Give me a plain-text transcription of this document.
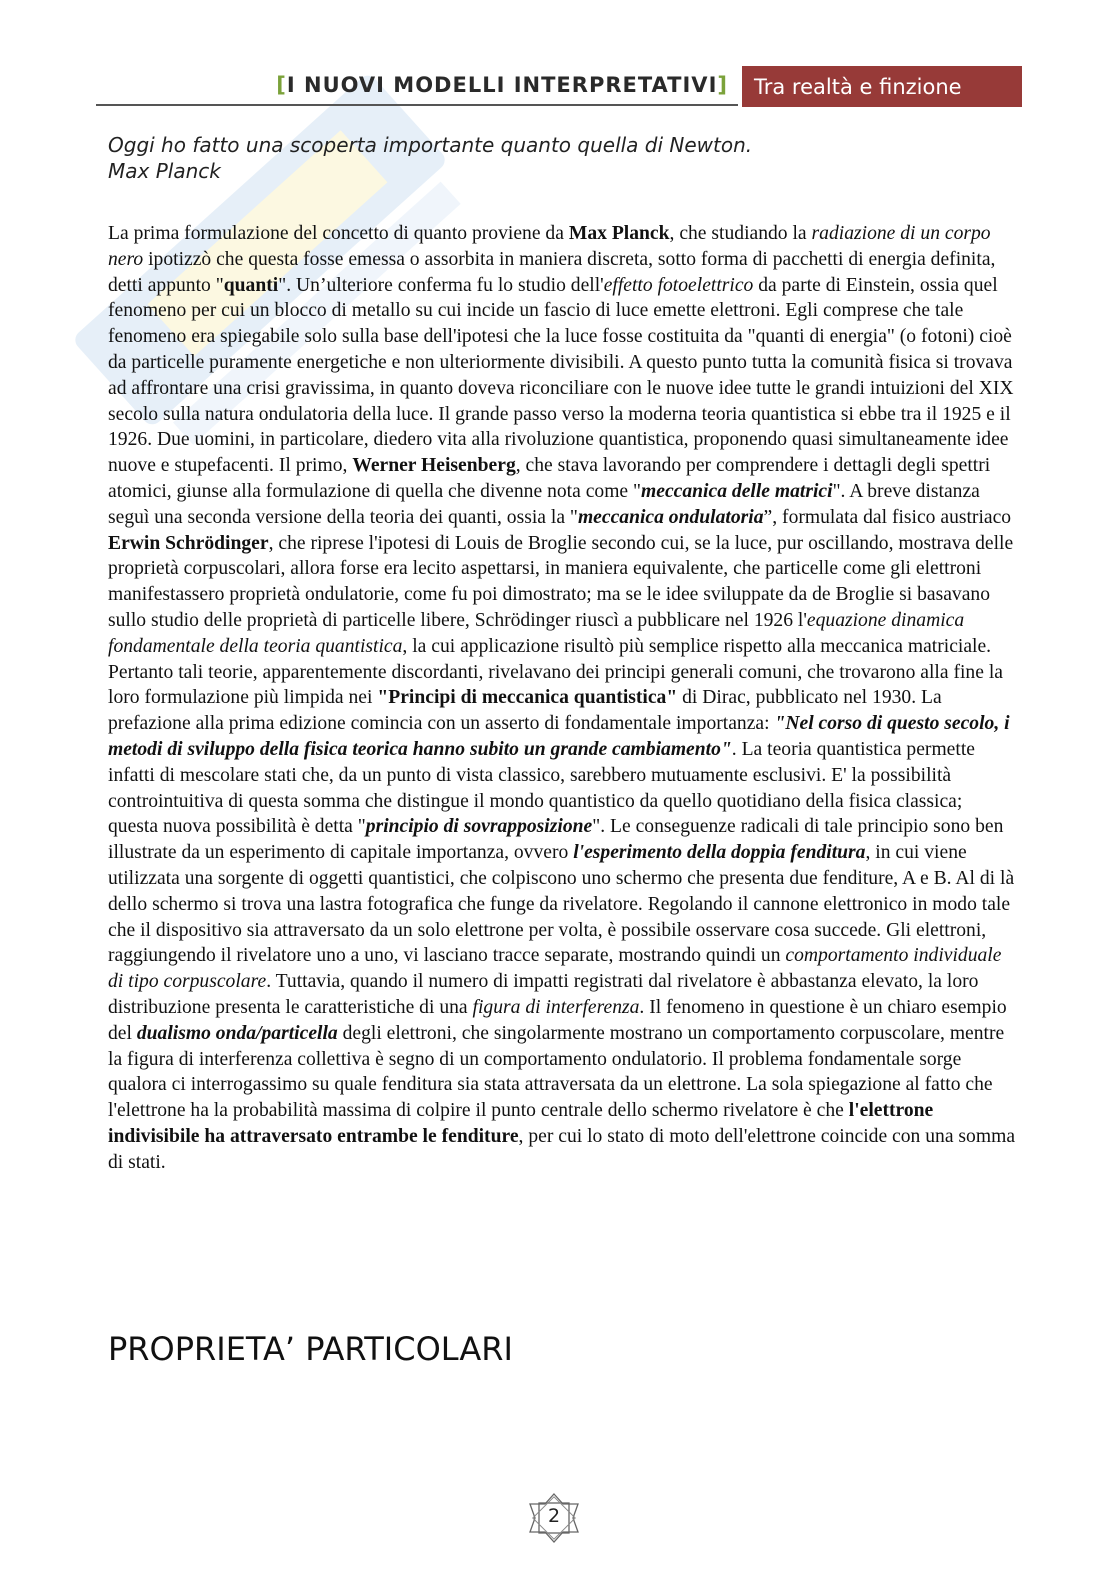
[ I NUOVI MODELLI INTERPRETATIVI ]	Tra realtà e finzione
Oggi ho fatto una scoperta importante quanto quella di Newton.
Max Planck

La prima formulazione del concetto di quanto proviene da Max Planck, che studiando la radiazione di un corpo nero ipotizzò che questa fosse emessa o assorbita in maniera discreta, sotto forma di pacchetti di energia definita, detti appunto "quanti". Un’ulteriore conferma fu lo studio dell'effetto fotoelettrico da parte di Einstein, ossia quel fenomeno per cui un blocco di metallo su cui incide un fascio di luce emette elettroni. Egli comprese che tale fenomeno era spiegabile solo sulla base dell'ipotesi che la luce fosse costituita da "quanti di energia" (o fotoni) cioè da particelle puramente energetiche e non ulteriormente divisibili. A questo punto tutta la comunità fisica si trovava ad affrontare una crisi gravissima, in quanto doveva riconciliare con le nuove idee tutte le grandi intuizioni del XIX secolo sulla natura ondulatoria della luce. Il grande passo verso la moderna teoria quantistica si ebbe tra il 1925 e il 1926. Due uomini, in particolare, diedero vita alla rivoluzione quantistica, proponendo quasi simultaneamente idee nuove e stupefacenti. Il primo, Werner Heisenberg, che stava lavorando per comprendere i dettagli degli spettri atomici, giunse alla formulazione di quella che divenne nota come "meccanica delle matrici". A breve distanza seguì una seconda versione della teoria dei quanti, ossia la "meccanica ondulatoria”, formulata dal fisico austriaco Erwin Schrödinger, che riprese l'ipotesi di Louis de Broglie secondo cui, se la luce, pur oscillando, mostrava delle proprietà corpuscolari, allora forse era lecito aspettarsi, in maniera equivalente, che particelle come gli elettroni manifestassero proprietà ondulatorie, come fu poi dimostrato; ma se le idee sviluppate da de Broglie si basavano sullo studio delle proprietà di particelle libere, Schrödinger riuscì a pubblicare nel 1926 l'equazione dinamica fondamentale della teoria quantistica, la cui applicazione risultò più semplice rispetto alla meccanica matriciale. Pertanto tali teorie, apparentemente discordanti, rivelavano dei principi generali comuni, che trovarono alla fine la loro formulazione più limpida nei "Principi di meccanica quantistica" di Dirac, pubblicato nel 1930. La prefazione alla prima edizione comincia con un asserto di fondamentale importanza: "Nel corso di questo secolo, i metodi di sviluppo della fisica teorica hanno subito un grande cambiamento". La teoria quantistica permette infatti di mescolare stati che, da un punto di vista classico, sarebbero mutuamente esclusivi. E' la possibilità controintuitiva di questa somma che distingue il mondo quantistico da quello quotidiano della fisica classica; questa nuova possibilità è detta "principio di sovrapposizione". Le conseguenze radicali di tale principio sono ben illustrate da un esperimento di capitale importanza, ovvero l'esperimento della doppia fenditura, in cui viene utilizzata una sorgente di oggetti quantistici, che colpiscono uno schermo che presenta due fenditure, A e B. Al di là dello schermo si trova una lastra fotografica che funge da rivelatore. Regolando il cannone elettronico in modo tale che il dispositivo sia attraversato da un solo elettrone per volta, è possibile osservare cosa succede. Gli elettroni, raggiungendo il rivelatore uno a uno, vi lasciano tracce separate, mostrando quindi un comportamento individuale di tipo corpuscolare. Tuttavia, quando il numero di impatti registrati dal rivelatore è abbastanza elevato, la loro distribuzione presenta le caratteristiche di una figura di interferenza. Il fenomeno in questione è un chiaro esempio del dualismo onda/particella degli elettroni, che singolarmente mostrano un comportamento corpuscolare, mentre la figura di interferenza collettiva è segno di un comportamento ondulatorio. Il problema fondamentale sorge qualora ci interrogassimo su quale fenditura sia stata attraversata da un elettrone. La sola spiegazione al fatto che l'elettrone ha la probabilità massima di colpire il punto centrale dello schermo rivelatore è che l'elettrone indivisibile ha attraversato entrambe le fenditure, per cui lo stato di moto dell'elettrone coincide con una somma di stati.

PROPRIETA’ PARTICOLARI
2
